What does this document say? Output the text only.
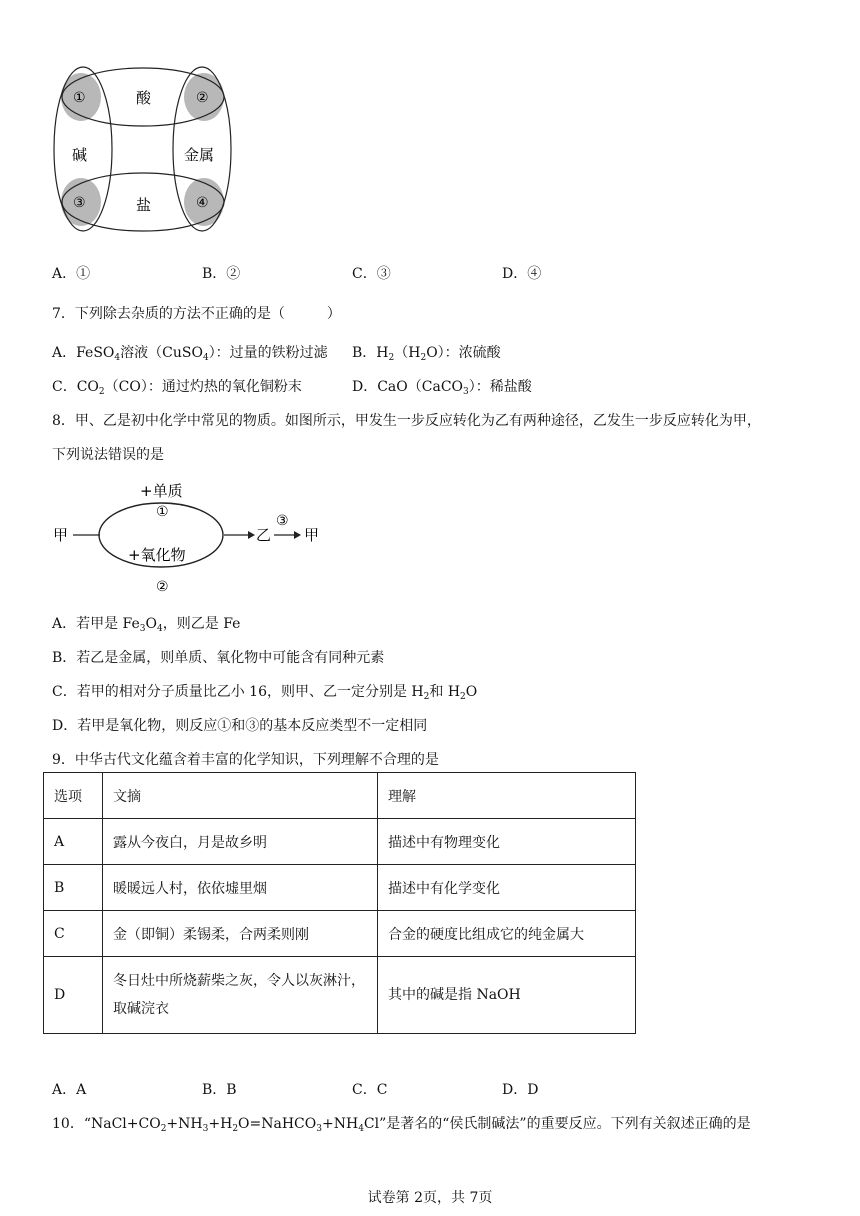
酸
碱	金属
盐
①	②
③	④
A．①	B．②	C．③	D．④
7．下列除去杂质的方法不正确的是（　　　）
A．FeSO$_4$溶液（CuSO$_4$）：过量的铁粉过滤 B．$H_2(H_2O)$：浓硫酸
C．$CO_2(CO)$：通过灼热的氧化铜粉末	D．CaO（CaCO$_3$）：稀盐酸
8．甲、乙是初中化学中常见的物质。如图所示，甲发生一步反应转化为乙有两种途径，乙发生一步反应转化为甲，
下列说法错误的是
甲
+单质
①
+氧化物
②
乙
③
甲
A．若甲是 $Fe_3O_4$，则乙是 Fe
B．若乙是金属，则单质、氧化物中可能含有同种元素
C．若甲的相对分子质量比乙小 16，则甲、乙一定分别是 $H_2$和 $H_2O$
D．若甲是氧化物，则反应①和③的基本反应类型不一定相同
9．中华古代文化蕴含着丰富的化学知识，下列理解不合理的是
选项	文摘	理解
A	露从今夜白，月是故乡明	描述中有物理变化
B	暖暖远人村，依依墟里烟	描述中有化学变化
C	金（即铜）柔锡柔，合两柔则刚	合金的硬度比组成它的纯金属大
D	冬日灶中所烧薪柴之灰，令人以灰淋汁，
取碱浣衣	其中的碱是指 NaOH
A．A	B．B	C．C	D．D
10．“$NaCl+CO_2+NH_3+H_2O=NaHCO_3+NH_4Cl$”是著名的“侯氏制碱法”的重要反应。下列有关叙述正确的是
试卷第 2页，共 7页
